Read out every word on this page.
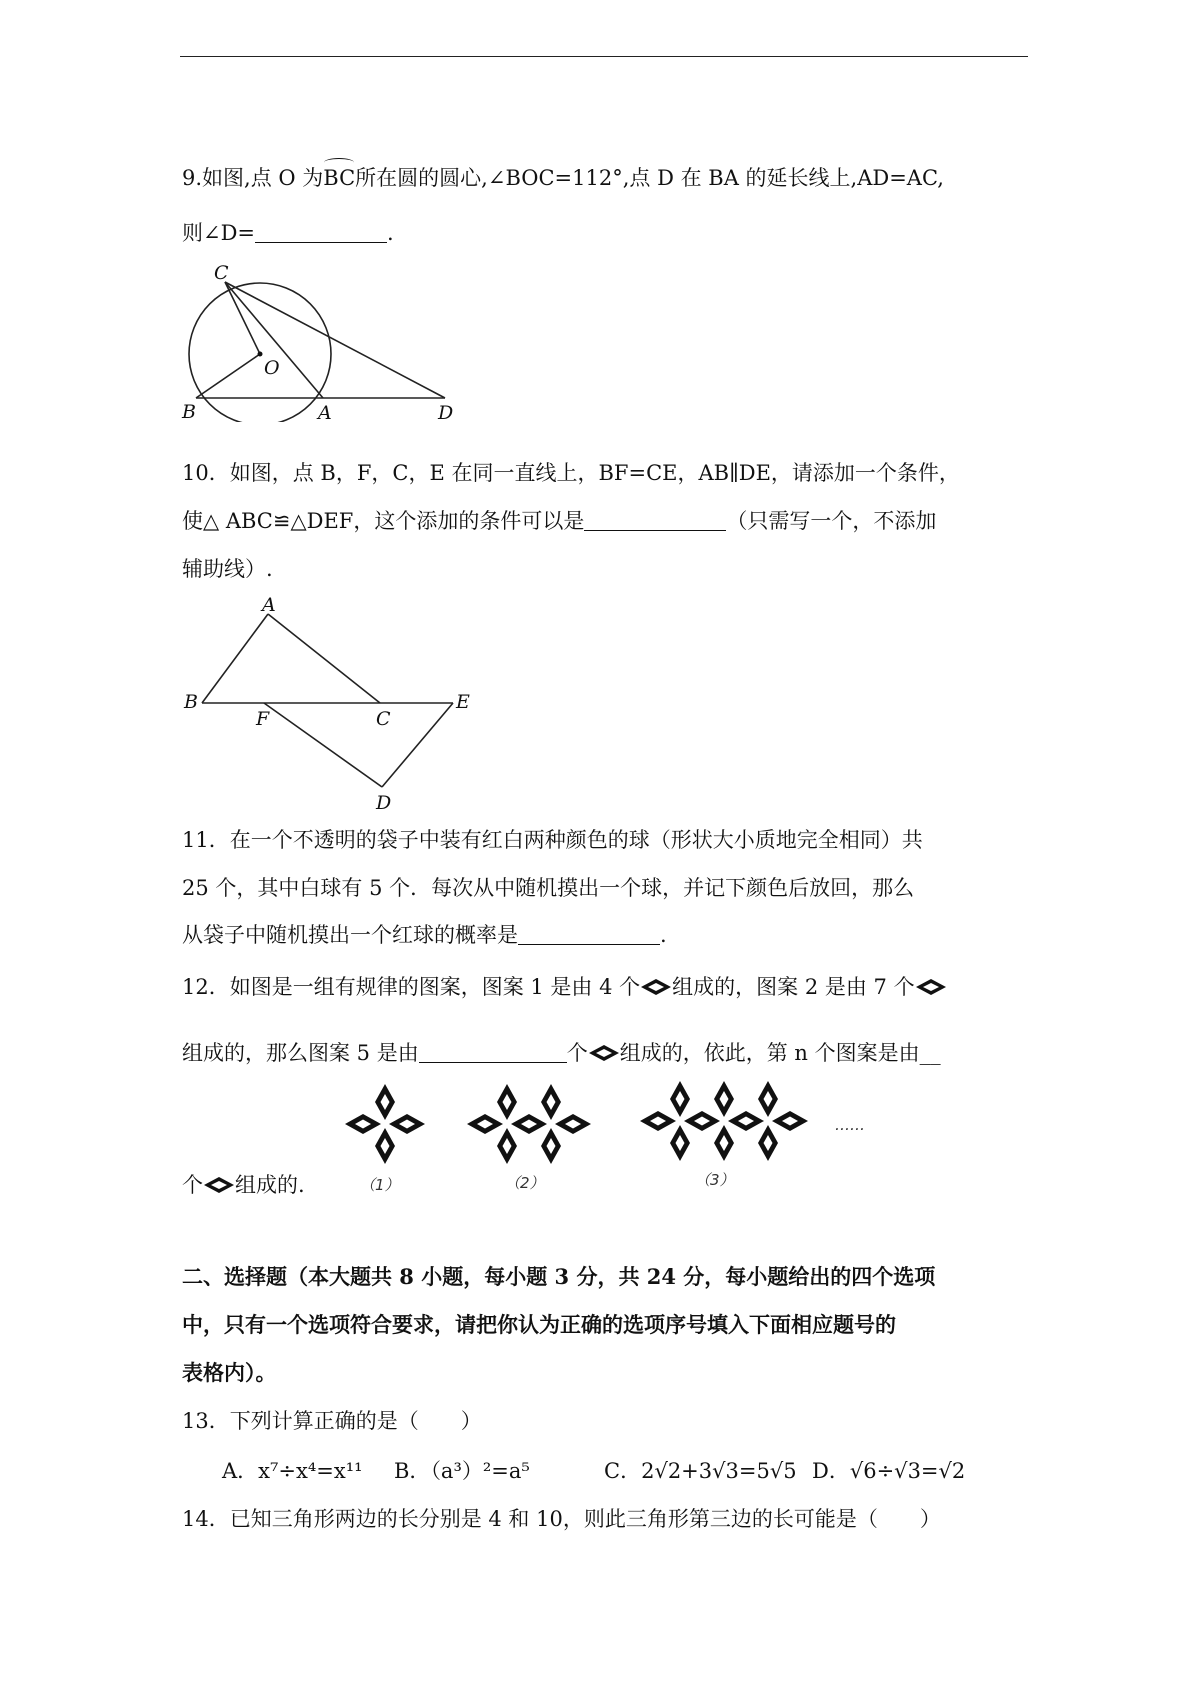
9.如图,点 O 为BC所在圆的圆心,∠BOC=112°,点 D 在 BA 的延长线上,AD=AC,
则∠D=	.
C
O
B	A	D
10．如图，点 B，F，C，E 在同一直线上，BF=CE，AB∥DE，请添加一个条件，
使△ ABC≌△DEF，这个添加的条件可以是	（只需写一个，不添加
辅助线）.
A
B
F	C
E
D
11．在一个不透明的袋子中装有红白两种颜色的球（形状大小质地完全相同）共
25 个，其中白球有 5 个．每次从中随机摸出一个球，并记下颜色后放回，那么
从袋子中随机摸出一个红球的概率是	.
12．如图是一组有规律的图案，图案 1 是由 4 个 组成的，图案 2 是由 7 个
组成的，那么图案 5 是由	个 组成的，依此，第 n 个图案是由__
个 组成的.
……
（1）	（2）	（3）
二、选择题（本大题共 8 小题，每小题 3 分，共 24 分，每小题给出的四个选项
中，只有一个选项符合要求，请把你认为正确的选项序号填入下面相应题号的
表格内）。
13．下列计算正确的是（　　）
A．x⁷÷x⁴=x¹¹ B．（a³）²=a⁵	C．2√2+3√3=5√5 D．√6÷√3=√2
14．已知三角形两边的长分别是 4 和 10，则此三角形第三边的长可能是（　　）
